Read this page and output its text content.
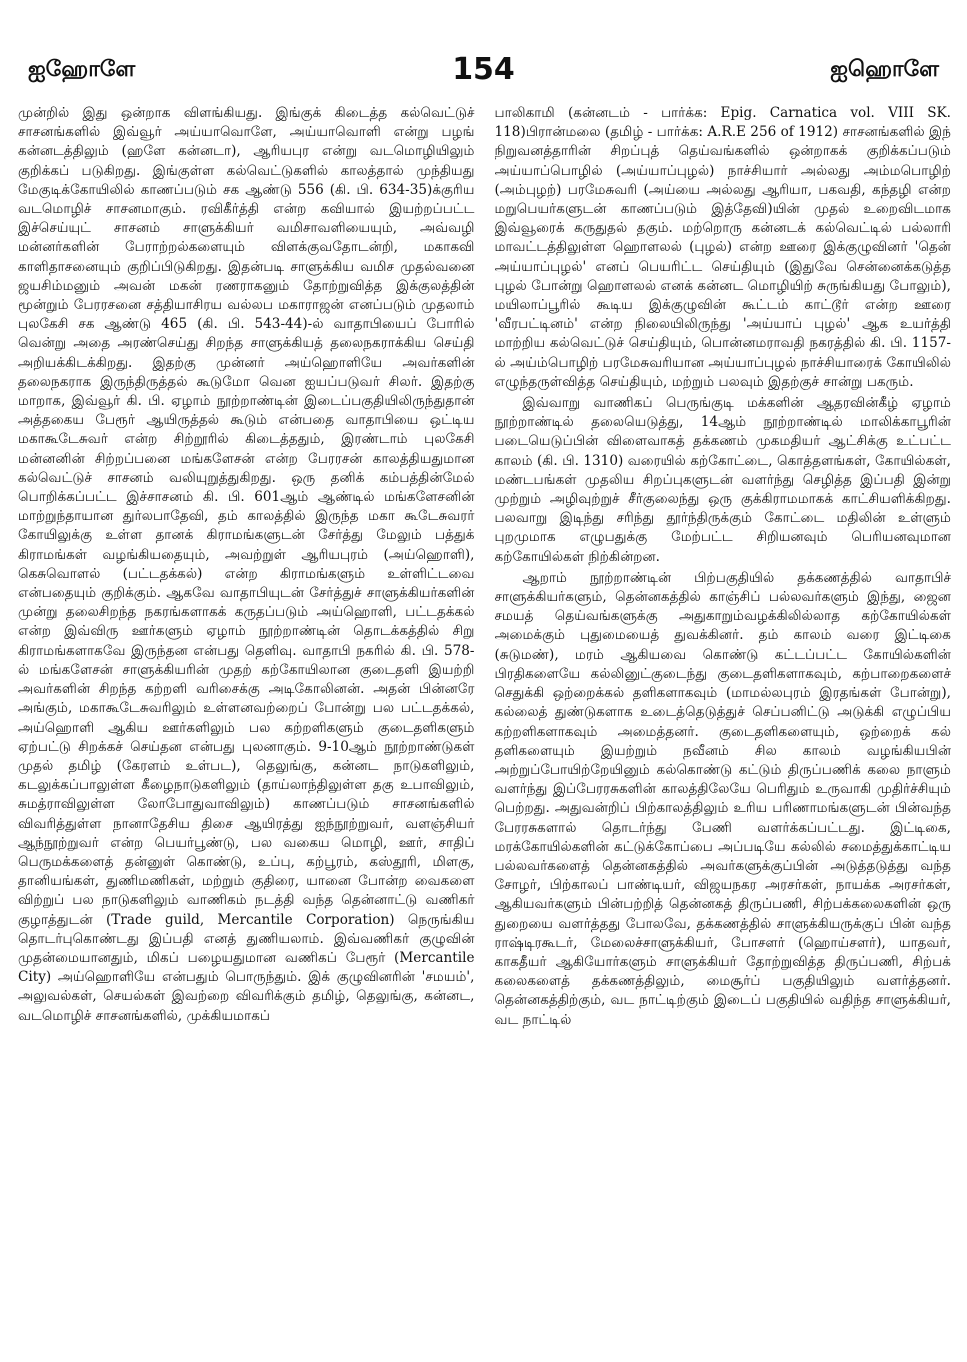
ஐஹோளே	154	ஐஹொளே

முன்றில் இது ஒன்றாக விளங்கியது. இங்குக் கிடைத்த கல்வெட்டுச் சாசனங்களில் இவ்வூர் அய்யாவொளே, அய்யாவொளி என்று பழங் கன்னடத்திலும் (ஹளே கன்னடா), ஆரியபுர என்று வடமொழியிலும் குறிக்கப் படுகிறது. இங்குள்ள கல்வெட்டுகளில் காலத்தால் முந்தியது மேகுடிக்கோயிலில் காணப்படும் சக ஆண்டு 556 (கி. பி. 634-35)க்குரிய வடமொழிச் சாசனமாகும். ரவிகீர்த்தி என்ற கவியால் இயற்றப்பட்ட இச்செய்யுட் சாசனம் சாளுக்கியர் வமிசாவளியையும், அவ்வழி மன்னர்களின் பேராற்றல்களையும் விளக்குவதோடன்றி, மகாகவி காளிதாசனையும் குறிப்பிடுகிறது. இதன்படி சாளுக்கிய வமிச முதல்வனை ஜயசிம்மனும் அவன் மகன் ரணராகனும் தோற்றுவித்த இக்குலத்தின் மூன்றும் பேரரசனை சத்தியாசிரய வல்லப மகாராஜன் எனப்படும் முதலாம் புலகேசி சக ஆண்டு 465 (கி. பி. 543-44)-ல் வாதாபியைப் போரில் வென்று அதை அரண்செய்து சிறந்த சாளுக்கியத் தலைநகராக்கிய செய்தி அறியக்கிடக்கிறது. இதற்கு முன்னர் அய்ஹொளியே அவர்களின் தலைநகராக இருந்திருத்தல் கூடுமோ வென ஐயப்படுவர் சிலர். இதற்கு மாறாக, இவ்வூர் கி. பி. ஏழாம் நூற்றாண்டின் இடைப்பகுதியிலிருந்துதான் அத்தகைய பேரூர் ஆயிருத்தல் கூடும் என்பதை வாதாபியை ஒட்டிய மகாகூடேசுவர் என்ற சிற்றூரில் கிடைத்ததும், இரண்டாம் புலகேசி மன்னனின் சிற்றப்பனை மங்களேசன் என்ற பேரரசன் காலத்தியதுமான கல்வெட்டுச் சாசனம் வலியுறுத்துகிறது. ஒரு தனிக் கம்பத்தின்மேல் பொறிக்கப்பட்ட இச்சாசனம் கி. பி. 601ஆம் ஆண்டில் மங்களேசனின் மாற்றுந்தாயான துர்லபாதேவி, தம் காலத்தில் இருந்த மகா கூடேசுவரர் கோயிலுக்கு உள்ள தானக் கிராமங்களுடன் சேர்த்து மேலும் பத்துக் கிராமங்கள் வழங்கியதையும், அவற்றுள் ஆரியபுரம் (அய்ஹொளி), கெசுவொளல் (பட்டதக்கல்) என்ற கிராமங்களும் உள்ளிட்டவை என்பதையும் குறிக்கும். ஆகவே வாதாபியுடன் சேர்த்துச் சாளுக்கியர்களின் முன்று தலைசிறந்த நகரங்களாகக் கருதப்படும் அய்ஹொளி, பட்டதக்கல் என்ற இவ்விரு ஊர்களும் ஏழாம் நூற்றாண்டின் தொடக்கத்தில் சிறு கிராமங்களாகவே இருந்தன என்பது தெளிவு. வாதாபி நகரில் கி. பி. 578-ல் மங்களேசன் சாளுக்கியரின் முதற் கற்கோயிலான குடைதளி இயற்றி அவர்களின் சிறந்த கற்றளி வரிசைக்கு அடிகோலினன். அதன் பின்னரே அங்கும், மகாகூடேசுவரிலும் உள்ளனவற்றைப் போன்று பல பட்டதக்கல், அய்ஹொளி ஆகிய ஊர்களிலும் பல கற்றளிகளும் குடைதளிகளும் ஏற்பட்டு சிறக்கச் செய்தன என்பது புலனாகும். 9-10ஆம் நூற்றாண்டுகள் முதல் தமிழ் (கேரளம் உள்பட), தெலுங்கு, கன்னட நாடுகளிலும், கடலுக்கப்பாலுள்ள கீழைநாடுகளிலும் (தாய்லாந்திலுள்ள தகு உபாவிலும், சுமத்ராவிலுள்ள லோபோதுவாவிலும்) காணப்படும் சாசனங்களில் விவரித்துள்ள நானாதேசிய திசை ஆயிரத்து ஐந்நூற்றுவர், வளஞ்சியர் ஆந்நூற்றுவர் என்ற பெயர்பூண்டு, பல வகைய மொழி, ஊர், சாதிப் பெருமக்களைத் தன்னுள் கொண்டு, உப்பு, கற்பூரம், கஸ்தூரி, மிளகு, தானியங்கள், துணிமணிகள், மற்றும் குதிரை, யானை போன்ற வைகளை விற்றுப் பல நாடுகளிலும் வாணிகம் நடத்தி வந்த தென்னாட்டு வணிகர் குழாத்துடன் (Trade guild, Mercantile Corporation) நெருங்கிய தொடர்புகொண்டது இப்பதி எனத் துணியலாம். இவ்வணிகர் குழுவின் முதன்மையானதும், மிகப் பழையதுமான வணிகப் பேரூர் (Mercantile City) அய்ஹொளியே என்பதும் பொருந்தும். இக் குழுவினரின் 'சமயம்', அலுவல்கள், செயல்கள் இவற்றை விவரிக்கும் தமிழ், தெலுங்கு, கன்னட, வடமொழிச் சாசனங்களில், முக்கியமாகப்

பாலிகாமி (கன்னடம் - பார்க்க: Epig. Carnatica vol. VIII SK. 118)பிரான்மலை (தமிழ் - பார்க்க: A.R.E 256 of 1912) சாசனங்களில் இந் நிறுவனத்தாரின் சிறப்புத் தெய்வங்களில் ஒன்றாகக் குறிக்கப்படும் அய்யாப்பொழில் (அய்யாப்புழல்) நாச்சியார் அல்லது அம்மபொழிற் (அம்புழற்) பரமேசுவரி (அய்யை அல்லது ஆரியா, பகவதி, கந்தழி என்ற மறுபெயர்களுடன் காணப்படும் இத்தேவி)யின் முதல் உறைவிடமாக இவ்வூரைக் கருதுதல் தகும். மற்றொரு கன்னடக் கல்வெட்டில் பல்லாரி மாவட்டத்திலுள்ள ஹொளலல் (புழல்) என்ற ஊரை இக்குழுவினர் 'தென் அய்யாப்புழல்' எனப் பெயரிட்ட செய்தியும் (இதுவே சென்னைக்கடுத்த புழல் போன்று ஹொளலல் எனக் கன்னட மொழியிற் சுருங்கியது போலும்), மயிலாப்பூரில் கூடிய இக்குழுவின் கூட்டம் காட்டூர் என்ற ஊரை 'வீரபட்டினம்' என்ற நிலையிலிருந்து 'அய்யாப் புழல்' ஆக உயர்த்தி மாற்றிய கல்வெட்டுச் செய்தியும், பொன்னமராவதி நகரத்தில் கி. பி. 1157-ல் அய்ம்பொழிற் பரமேசுவரியான அய்யாப்புழல் நாச்சியாரைக் கோயிலில் எழுந்தருள்வித்த செய்தியும், மற்றும் பலவும் இதற்குச் சான்று பகரும்.

இவ்வாறு வாணிகப் பெருங்குடி மக்களின் ஆதரவின்கீழ் ஏழாம் நூற்றாண்டில் தலையெடுத்து, 14ஆம் நூற்றாண்டில் மாலிக்காபூரின் படையெடுப்பின் விளைவாகத் தக்கணம் முகமதியர் ஆட்சிக்கு உட்பட்ட காலம் (கி. பி. 1310) வரையில் கற்கோட்டை, கொத்தளங்கள், கோயில்கள், மண்டபங்கள் முதலிய சிறப்புகளுடன் வளர்ந்து செழித்த இப்பதி இன்று முற்றும் அழிவுற்றுச் சீர்குலைந்து ஒரு குக்கிராமமாகக் காட்சியளிக்கிறது. பலவாறு இடிந்து சரிந்து தூர்ந்திருக்கும் கோட்டை மதிலின் உள்ளும் புறமுமாக எழுபதுக்கு மேற்பட்ட சிறியனவும் பெரியனவுமான கற்கோயில்கள் நிற்கின்றன.

ஆறாம் நூற்றாண்டின் பிற்பகுதியில் தக்கணத்தில் வாதாபிச் சாளுக்கியர்களும், தென்னகத்தில் காஞ்சிப் பல்லவர்களும் இந்து, ஜைன சமயத் தெய்வங்களுக்கு அதுகாறும்வழக்கிலில்லாத கற்கோயில்கள் அமைக்கும் புதுமையைத் துவக்கினர். தம் காலம் வரை இட்டிகை (சுடுமண்), மரம் ஆகியவை கொண்டு கட்டப்பட்ட கோயில்களின் பிரதிகளையே கல்லினுட்குடைந்து குடைதளிகளாகவும், கற்பாறைகளைச் செதுக்கி ஒற்றைக்கல் தளிகளாகவும் (மாமல்லபுரம் இரதங்கள் போன்று), கல்லைத் துண்டுகளாக உடைத்தெடுத்துச் செப்பனிட்டு அடுக்கி எழுப்பிய கற்றளிகளாகவும் அமைத்தனர். குடைதளிகளையும், ஒற்றைக் கல் தளிகளையும் இயற்றும் நவீனம் சில காலம் வழங்கியபின் அற்றுப்போயிற்றேயினும் கல்கொண்டு கட்டும் திருப்பணிக் கலை நாளும் வளர்ந்து இப்பேரரசுகளின் காலத்திலேயே பெரிதும் உருவாகி முதிர்ச்சியும் பெற்றது. அதுவன்றிப் பிற்காலத்திலும் உரிய பரிணாமங்களுடன் பின்வந்த பேரரசுகளால் தொடர்ந்து பேணி வளர்க்கப்பட்டது. இட்டிகை, மரக்கோயில்களின் கட்டுக்கோப்பை அப்படியே கல்லில் சமைத்துக்காட்டிய பல்லவர்களைத் தென்னகத்தில் அவர்களுக்குப்பின் அடுத்தடுத்து வந்த சோழர், பிற்காலப் பாண்டியர், விஜயநகர அரசர்கள், நாயக்க அரசர்கள், ஆகியவர்களும் பின்பற்றித் தென்னகத் திருப்பணி, சிற்பக்கலைகளின் ஒரு துறையை வளர்த்தது போலவே, தக்கணத்தில் சாளுக்கியருக்குப் பின் வந்த ராஷ்டிரகூடர், மேலைச்சாளுக்கியர், போசளர் (ஹொய்சளர்), யாதவர், காகதீயர் ஆகியோர்களும் சாளுக்கியர் தோற்றுவித்த திருப்பணி, சிற்பக் கலைகளைத் தக்கணத்திலும், மைசூர்ப் பகுதியிலும் வளர்த்தனர். தென்னகத்திற்கும், வட நாட்டிற்கும் இடைப் பகுதியில் வதிந்த சாளுக்கியர், வட நாட்டில்
